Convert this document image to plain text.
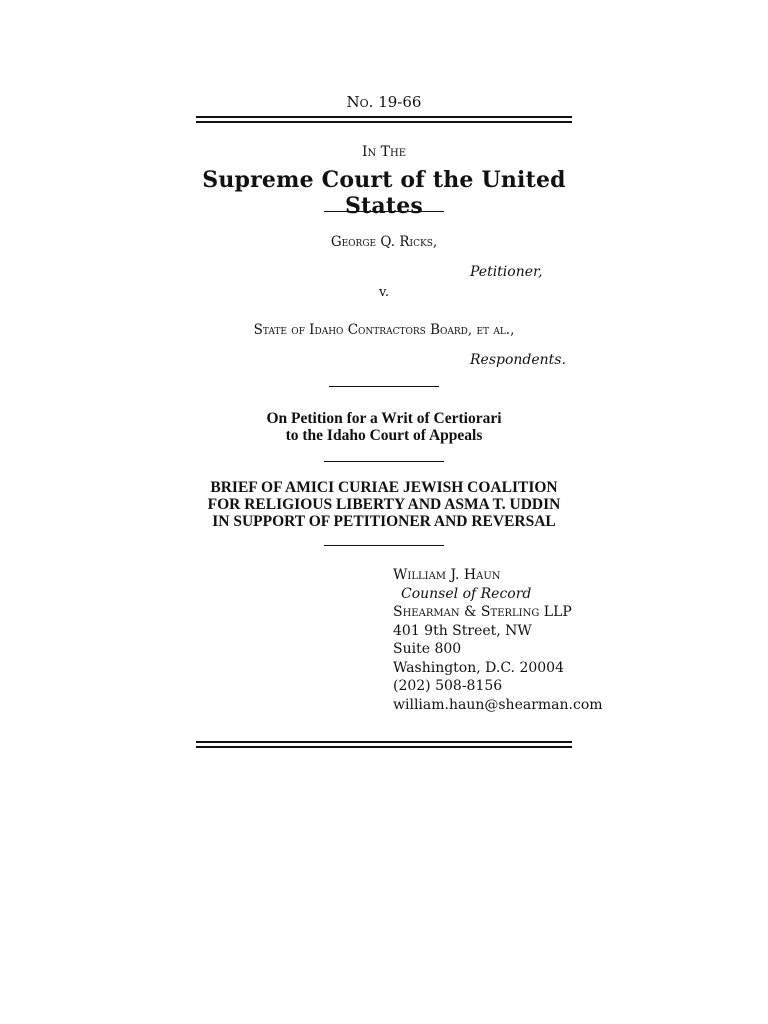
No. 19-66
In The
Supreme Court of the United States
George Q. Ricks,
Petitioner,
v.
State of Idaho Contractors Board, et al.,
Respondents.
On Petition for a Writ of Certiorari
to the Idaho Court of Appeals
BRIEF OF AMICI CURIAE JEWISH COALITION
FOR RELIGIOUS LIBERTY AND ASMA T. UDDIN
IN SUPPORT OF PETITIONER AND REVERSAL
William J. Haun
Counsel of Record
Shearman & Sterling LLP
401 9th Street, NW
Suite 800
Washington, D.C. 20004
(202) 508-8156
william.haun@shearman.com
